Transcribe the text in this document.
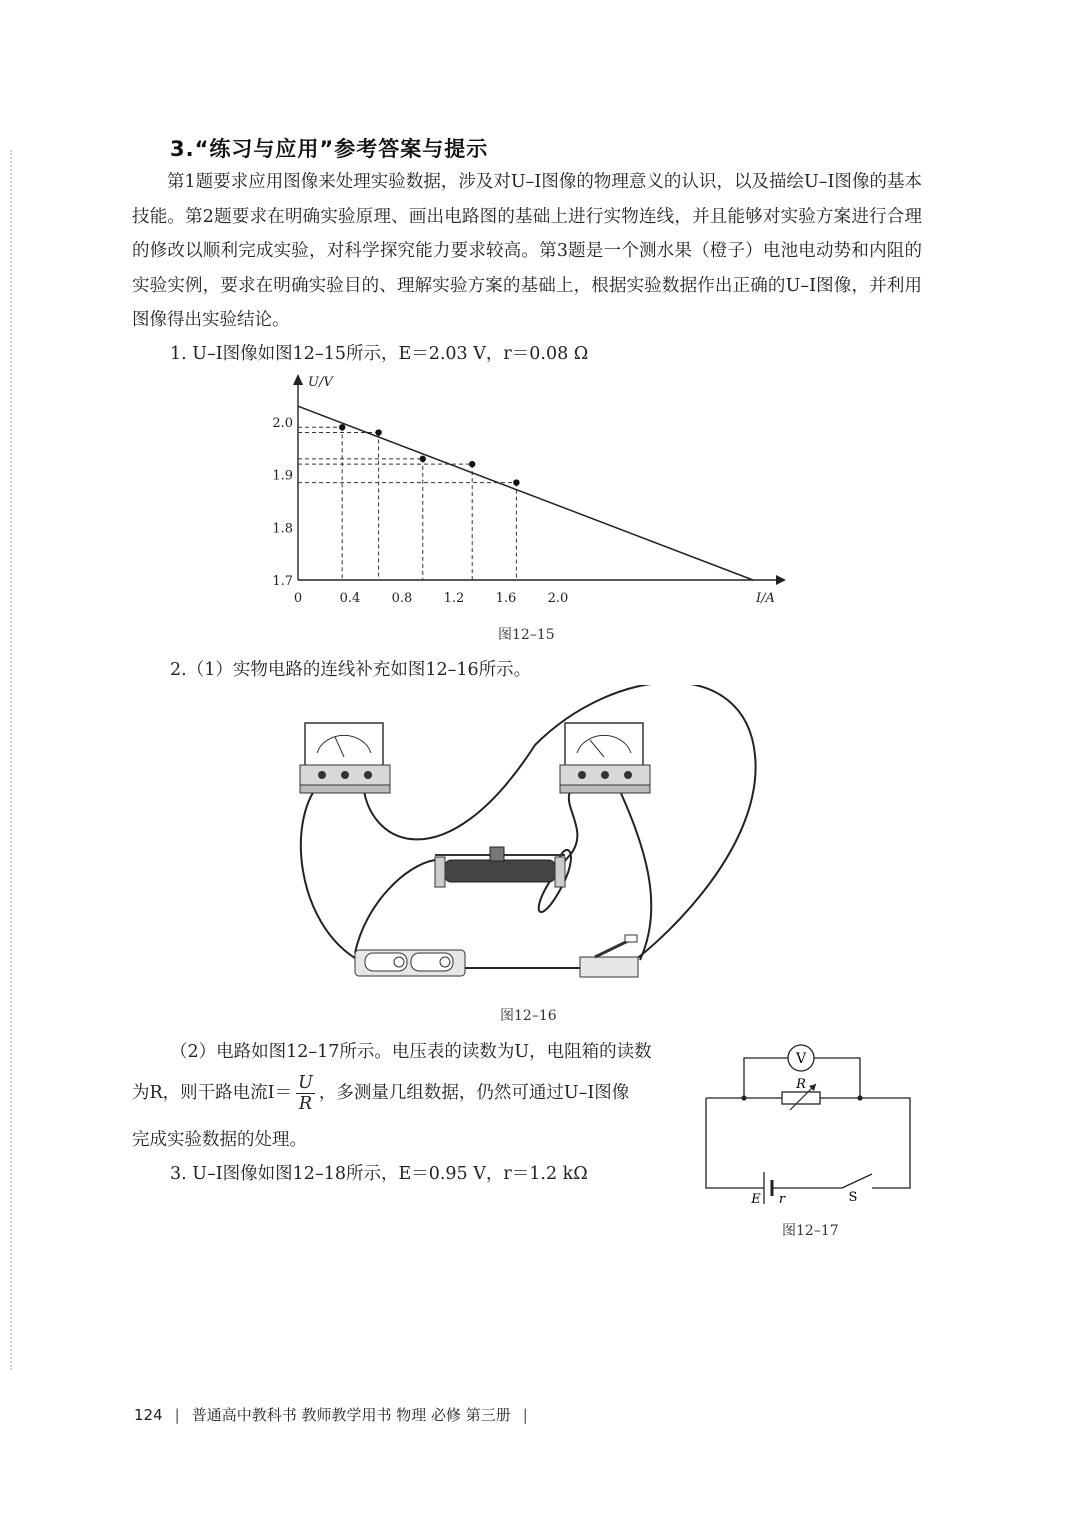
3.“练习与应用”参考答案与提示

第1题要求应用图像来处理实验数据，涉及对U–I图像的物理意义的认识，以及描绘U–I图像的基本技能。第2题要求在明确实验原理、画出电路图的基础上进行实物连线，并且能够对实验方案进行合理的修改以顺利完成实验，对科学探究能力要求较高。第3题是一个测水果（橙子）电池电动势和内阻的实验实例，要求在明确实验目的、理解实验方案的基础上，根据实验数据作出正确的U–I图像，并利用图像得出实验结论。

1. U–I图像如图12–15所示，E＝2.03 V，r＝0.08 Ω
0	0.4 0.8 1.2 1.6 2.0
1.7
1.8
1.9
2.0
U/V
I/A
图12–15
2.（1）实物电路的连线补充如图12–16所示。
图12–16
（2）电路如图12–17所示。电压表的读数为U，电阻箱的读数
为R，则干路电流$I= \frac{U}{R}$ ，多测量几组数据，仍然可通过U–I图像
完成实验数据的处理。
3. U–I图像如图12–18所示，E＝0.95 V，r＝1.2 kΩ
V
R
E r	S
图12–17
124 | 普通高中教科书 教师教学用书 物理 必修 第三册 |
